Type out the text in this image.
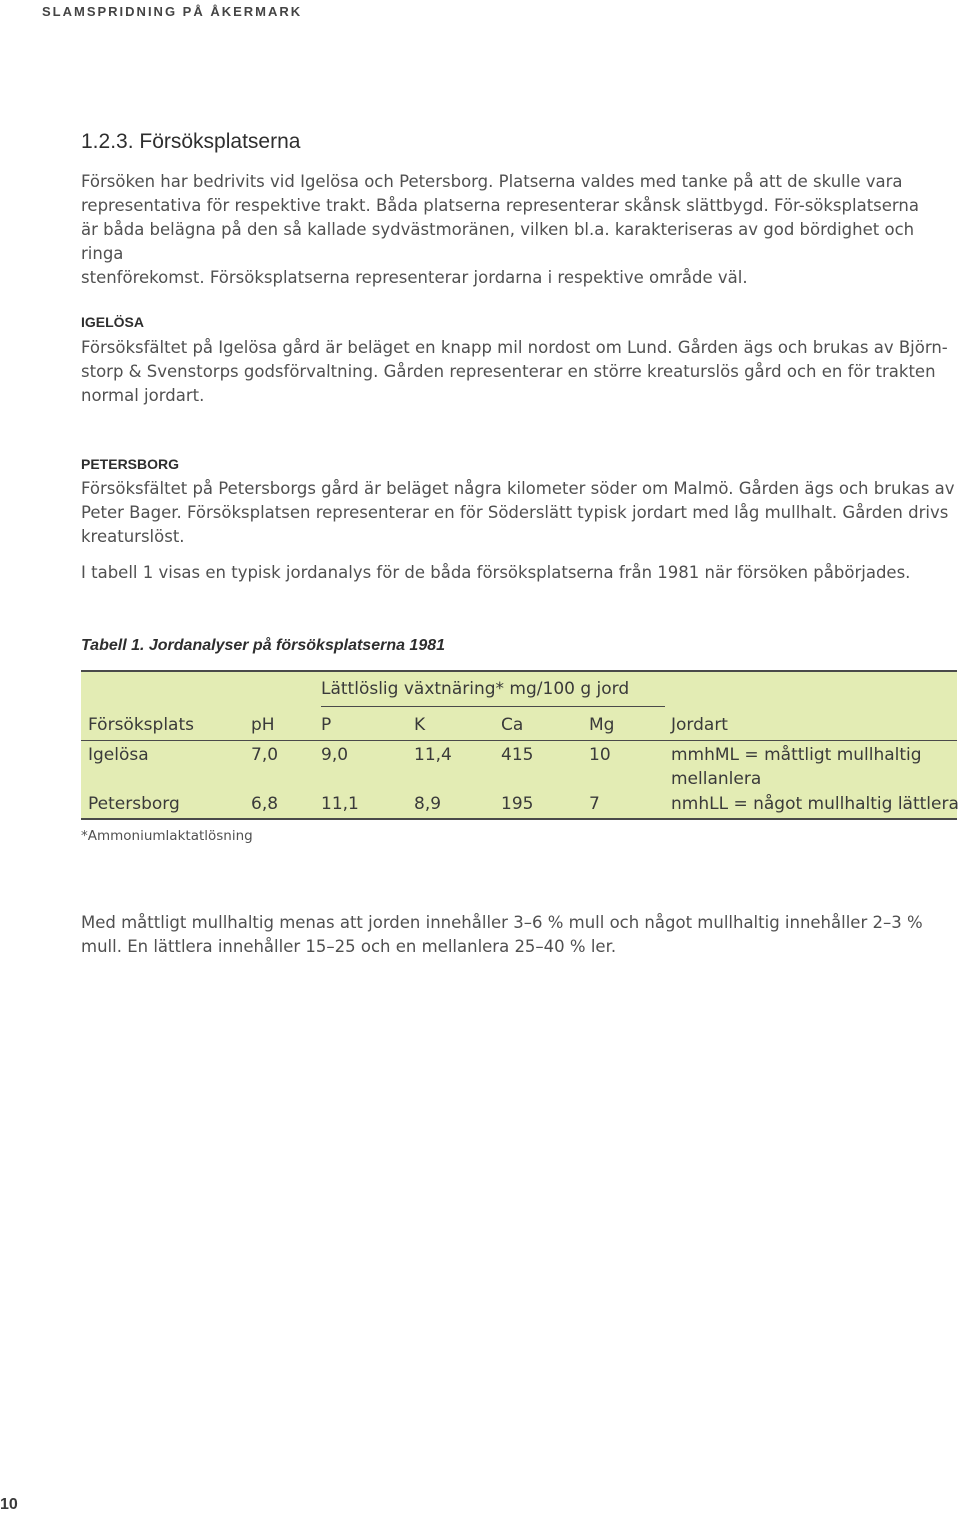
SLAMSPRIDNING PÅ ÅKERMARK
1.2.3. Försöksplatserna
Försöken har bedrivits vid Igelösa och Petersborg. Platserna valdes med tanke på att de skulle vara
representativa för respektive trakt. Båda platserna representerar skånsk slättbygd. För-söksplatserna
är båda belägna på den så kallade sydvästmoränen, vilken bl.a. karakteriseras av god bördighet och ringa
stenförekomst. Försöksplatserna representerar jordarna i respektive område väl.
IGELÖSA
Försöksfältet på Igelösa gård är beläget en knapp mil nordost om Lund. Gården ägs och brukas av Björn-
storp & Svenstorps godsförvaltning. Gården representerar en större kreaturslös gård och en för trakten
normal jordart.
PETERSBORG
Försöksfältet på Petersborgs gård är beläget några kilometer söder om Malmö. Gården ägs och brukas av
Peter Bager. Försöksplatsen representerar en för Söderslätt typisk jordart med låg mullhalt. Gården drivs
kreaturslöst.
I tabell 1 visas en typisk jordanalys för de båda försöksplatserna från 1981 när försöken påbörjades.
Tabell 1. Jordanalyser på försöksplatserna 1981
Lättlöslig växtnäring* mg/100 g jord
Försöksplats	pH	P	K	Ca	Mg	Jordart
Igelösa	7,0	9,0	11,4	415	10	mmhML = måttligt mullhaltig
mellanlera
Petersborg	6,8	11,1	8,9	195	7	nmhLL = något mullhaltig lättlera
*Ammoniumlaktatlösning
Med måttligt mullhaltig menas att jorden innehåller 3–6 % mull och något mullhaltig innehåller 2–3 %
mull. En lättlera innehåller 15–25 och en mellanlera 25–40 % ler.
10
